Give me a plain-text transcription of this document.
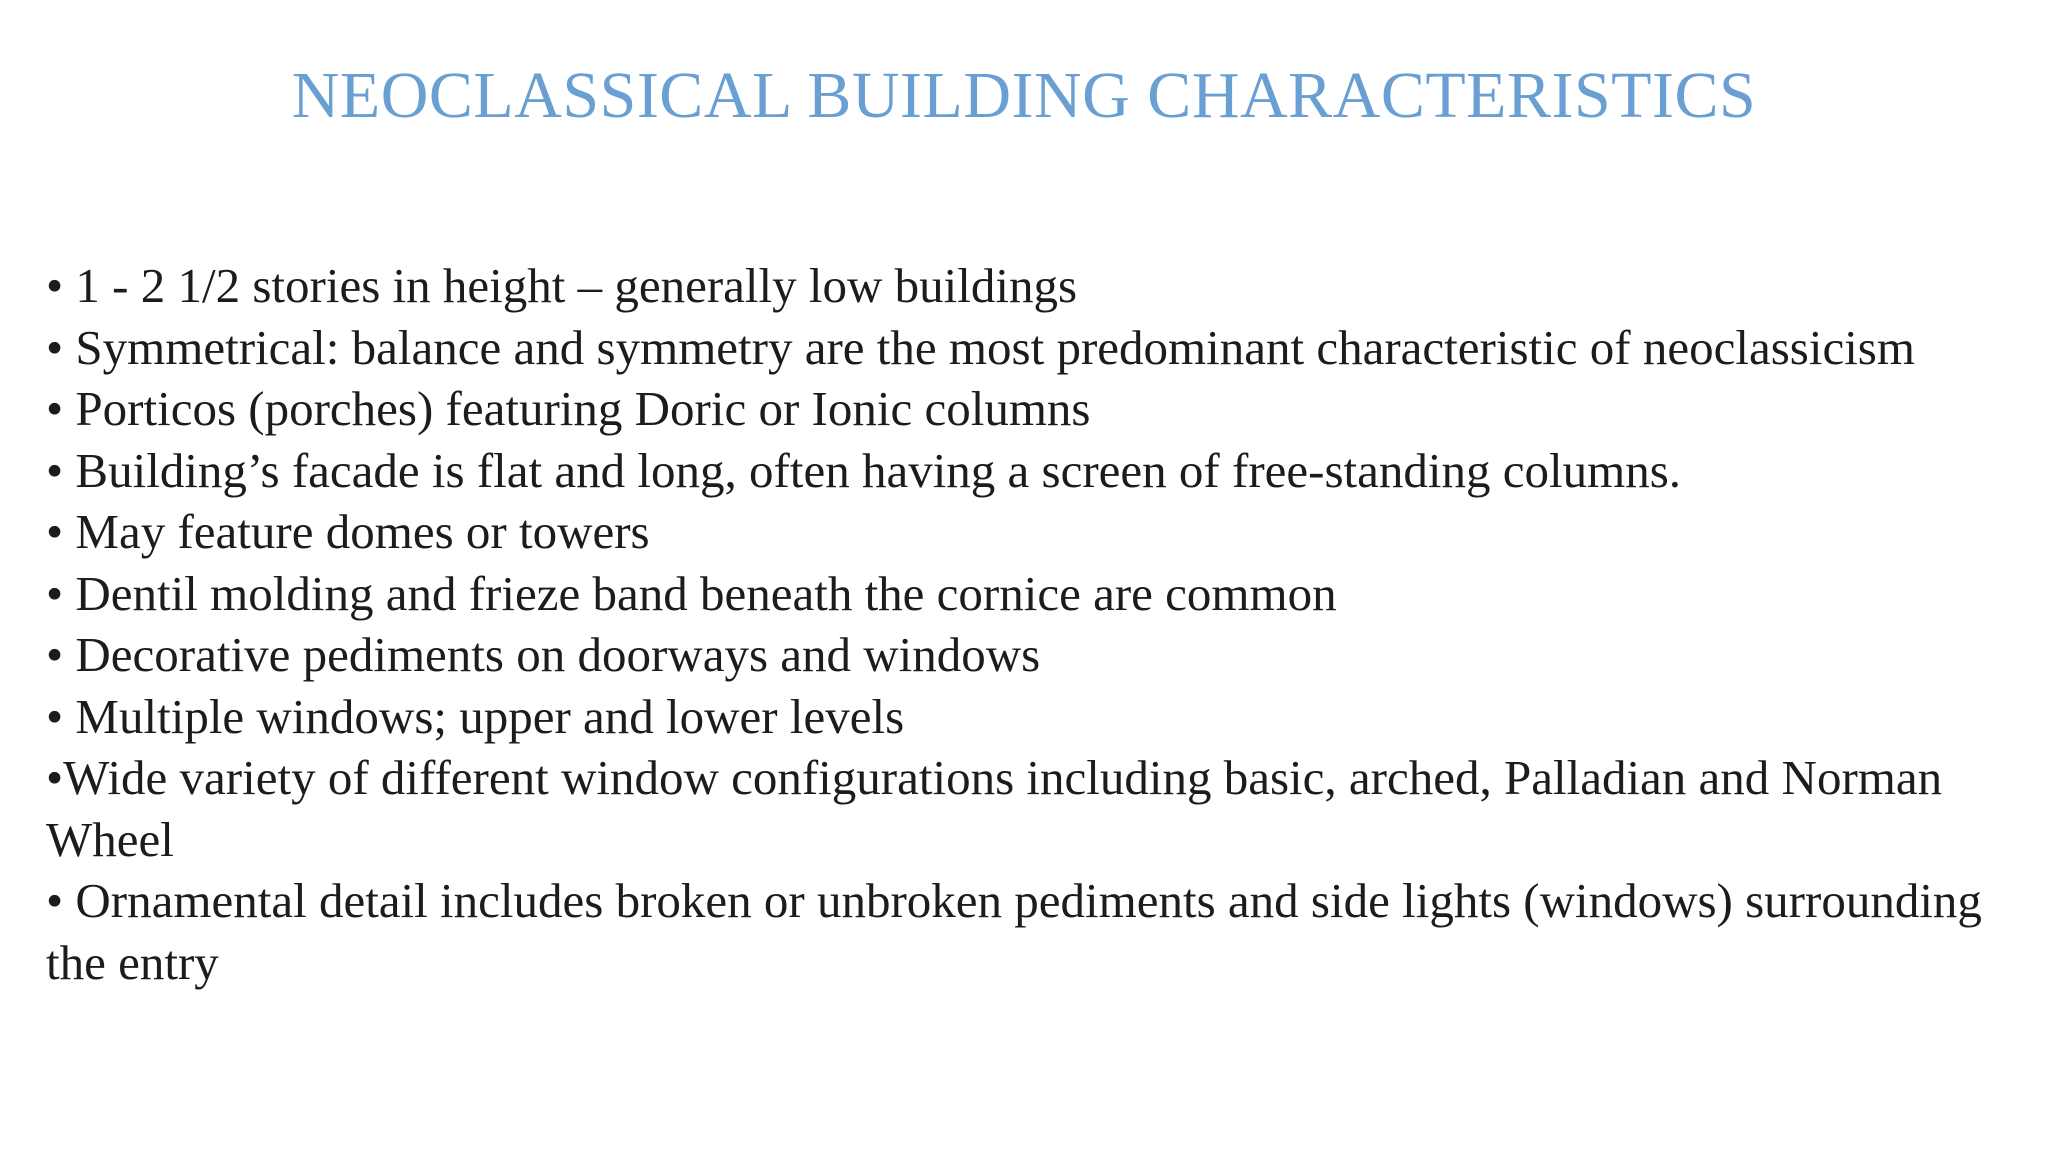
NEOCLASSICAL BUILDING CHARACTERISTICS

• 1 - 2 1/2 stories in height – generally low buildings

• Symmetrical: balance and symmetry are the most predominant characteristic of neoclassicism

• Porticos (porches) featuring Doric or Ionic columns

• Building’s facade is flat and long, often having a screen of free-standing columns.

• May feature domes or towers

• Dentil molding and frieze band beneath the cornice are common

• Decorative pediments on doorways and windows

• Multiple windows; upper and lower levels

•Wide variety of different window configurations including basic, arched, Palladian and Norman Wheel

• Ornamental detail includes broken or unbroken pediments and side lights (windows) surrounding the entry
